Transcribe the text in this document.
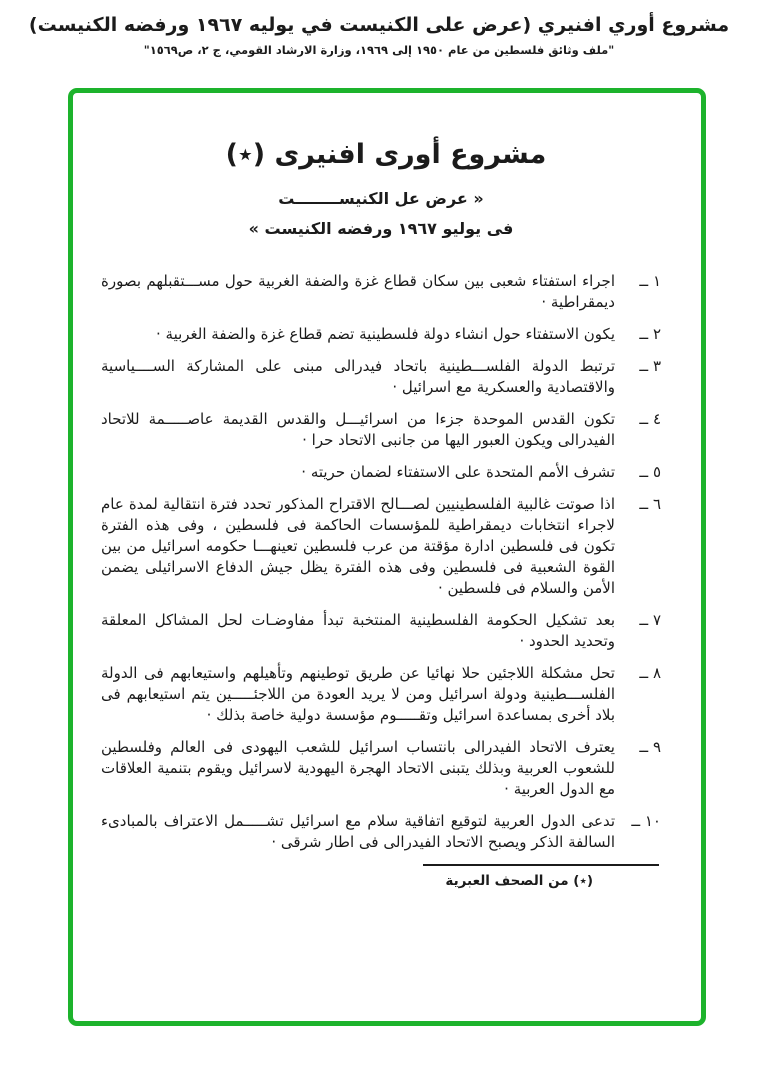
مشروع أوري افنيري (عرض على الكنيست في يوليه ١٩٦٧ ورفضه الكنيست)
"ملف وثائق فلسطين من عام ١٩٥٠ إلى ١٩٦٩، وزارة الارشاد القومي، ج ٢، ص١٥٦٩"
مشروع أورى افنيرى (٭)
« عرض عل الكنيســــــــت
فى يوليو ١٩٦٧ ورفضه الكنيست »
١ ــ
اجراء استفتاء شعبى بين سكان قطاع غزة والضفة الغربية حول مســـتقبلهم بصورة ديمقراطية ·
٢ ــ
يكون الاستفتاء حول انشاء دولة فلسطينية تضم قطاع غزة والضفة الغربية ·
٣ ــ
ترتبط الدولة الفلســـطينية باتحاد فيدرالى مبنى على المشاركة الســــياسية والاقتصادية والعسكرية مع اسرائيل ·
٤ ــ
تكون القدس الموحدة جزءا من اسرائيـــل والقدس القديمة عاصـــــمة للاتحاد الفيدرالى ويكون العبور اليها من جانبى الاتحاد حرا ·
٥ ــ
تشرف الأمم المتحدة على الاستفتاء لضمان حريته ·
٦ ــ
اذا صوتت غالبية الفلسطينيين لصـــالح الاقتراح المذكور تحدد فترة انتقالية لمدة عام لاجراء انتخابات ديمقراطية للمؤسسات الحاكمة فى فلسطين ، وفى هذه الفترة تكون فى فلسطين ادارة مؤقتة من عرب فلسطين تعينهـــا حكومه اسرائيل من بين القوة الشعبية فى فلسطين وفى هذه الفترة يظل جيش الدفاع الاسرائيلى يضمن الأمن والسلام فى فلسطين ·
٧ ــ
بعد تشكيل الحكومة الفلسطينية المنتخبة تبدأ مفاوضـات لحل المشاكل المعلقة وتحديد الحدود ·
٨ ــ
تحل مشكلة اللاجئين حلا نهائيا عن طريق توطينهم وتأهيلهم واستيعابهم فى الدولة الفلســـطينية ودولة اسرائيل ومن لا يريد العودة من اللاجئـــــين يتم استيعابهم فى بلاد أخرى بمساعدة اسرائيل وتقـــــوم مؤسسة دولية خاصة بذلك ·
٩ ــ
يعترف الاتحاد الفيدرالى بانتساب اسرائيل للشعب اليهودى فى العالم وفلسطين للشعوب العربية وبذلك يتبنى الاتحاد الهجرة اليهودية لاسرائيل ويقوم بتنمية العلاقات مع الدول العربية ·
١٠ ــ
تدعى الدول العربية لتوقيع اتفاقية سلام مع اسرائيل تشـــــمل الاعتراف بالمبادىء السالفة الذكر ويصبح الاتحاد الفيدرالى فى اطار شرقى ·
(٭) من الصحف العبرية
